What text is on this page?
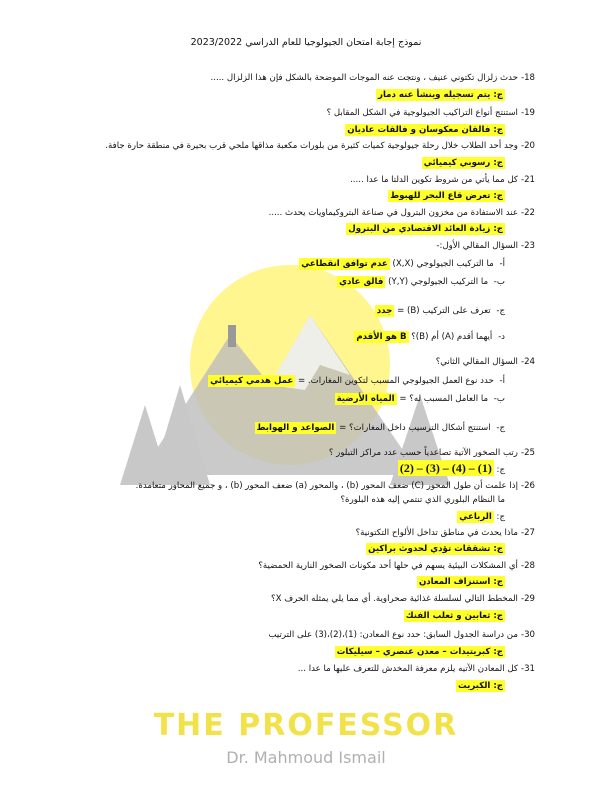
THE PROFESSOR
Dr. Mahmoud Ismail
نموذج إجابة امتحان الجيولوجيا للعام الدراسي 2023/2022
18-حدث زلزال تكتوني عنيف ، ونتجت عنه الموجات الموضحة بالشكل فإن هذا الزلزال .....
ج: يتم تسجيله وينشأ عنه دمار
19-استنتج أنواع التراكيب الجيولوجية في الشكل المقابل ؟
ج: فالقان معكوسان و فالقات عاديان
20-وجد أحد الطلاب خلال رحلة جيولوجية كميات كثيرة من بلورات مكعبة مذاقها ملحي قرب بحيرة في منطقة حارة جافة.
ج: رسوبي كيميائي
21-كل مما يأتي من شروط تكوين الدلتا ما عدا .....
ج: تعرض قاع البحر للهبوط
22-عند الاستفادة من مخزون البترول في صناعة البتروكيماويات يحدث .....
ج: زيادة العائد الاقتصادي من البترول
23-السؤال المقالي الأول:-
أ- ما التركيب الجيولوجي (X,X) عدم توافق انقطاعي
ب- ما التركيب الجيولوجي (Y,Y) فالق عادي
ج- تعرف على التركيب (B) = جدد
د- أيهما أقدم (A) أم (B)؟ B هو الأقدم
24-السؤال المقالي الثاني؟
أ- حدد نوع العمل الجيولوجي المسبب لتكوين المغارات. = عمل هدمي كيميائي
ب- ما العامل المسبب له؟ = المياه الأرضية
ج- استنتج أشكال الترسيب داخل المغارات؟ = الصواعد و الهوابط
25-رتب الصخور الآتية تصاعدياً حسب عدد مراكز التبلور ؟
ج: (1) – (4) – (3) – (2)
26-إذا علمت أن طول المحور (C) ضعف المحور (b) ، والمحور (a) ضعف المحور (b) ، و جميع المحاور متعامدة.
ما النظام البلوري الذي تنتمي إليه هذه البلورة؟
ج: الرباعي
27-ماذا يحدث في مناطق تداخل الألواح التكتونية؟
ج: تشققات تؤدي لحدوث براكين
28-أي المشكلات البيئية يسهم في حلها أحد مكونات الصخور النارية الحمضية؟
ج: استنزاف المعادن
29-المخطط التالي لسلسلة غذائية صحراوية. أي مما يلي يمثله الحرف X؟
ج: ثعابين و ثعلب الفنك
30-من دراسة الجدول السابق: حدد نوع المعادن: (1)،(2)،(3) على الترتيب
ج: كبريتيدات – معدن عنصري – سيليكات
31-كل المعادن الآتيه يلزم معرفة المخدش للتعرف عليها ما عدا ...
ج: الكبريت
